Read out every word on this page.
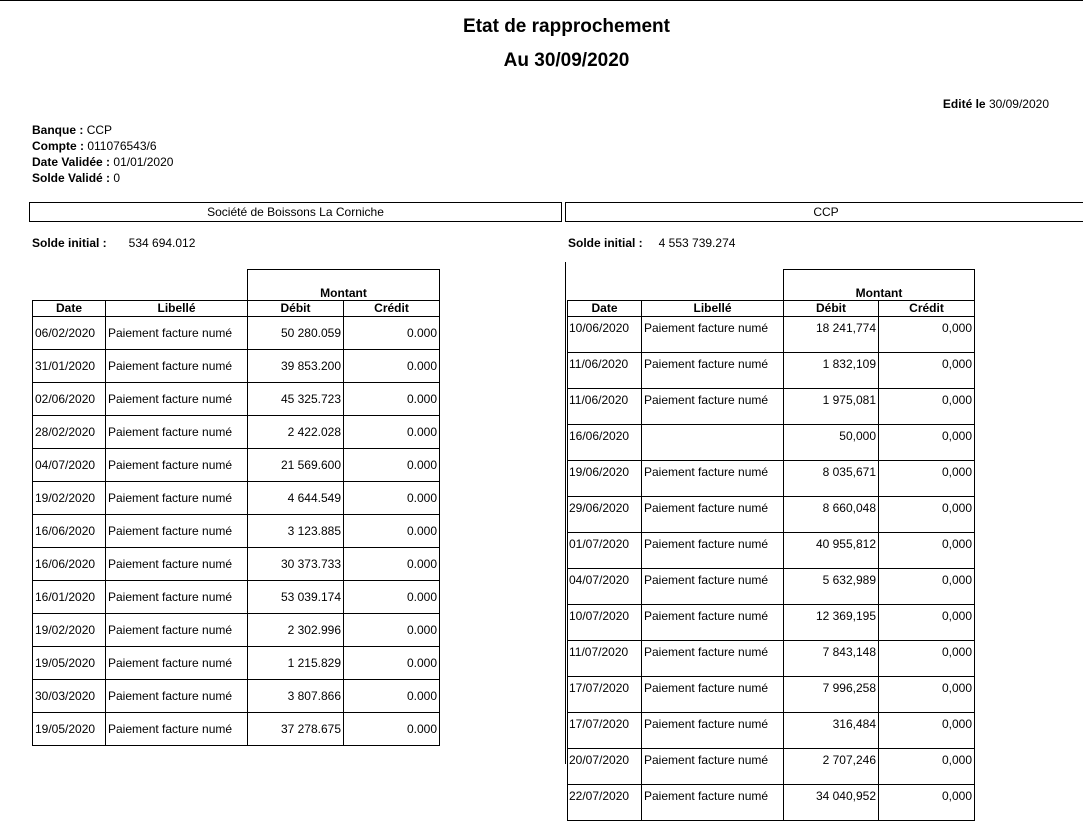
Etat de rapprochement
Au 30/09/2020
Edité le 30/09/2020
Banque : CCP
Compte : 011076543/6
Date Validée : 01/01/2020
Solde Validé : 0
Société de Boissons La Corniche	CCP
Solde initial : 534 694.012	Solde initial : 4 553 739.274
		Montant	
Date	Libellé	Débit	Crédit
06/02/2020	Paiement facture numé	50 280.059	0.000
31/01/2020	Paiement facture numé	39 853.200	0.000
02/06/2020	Paiement facture numé	45 325.723	0.000
28/02/2020	Paiement facture numé	2 422.028	0.000
04/07/2020	Paiement facture numé	21 569.600	0.000
19/02/2020	Paiement facture numé	4 644.549	0.000
16/06/2020	Paiement facture numé	3 123.885	0.000
16/06/2020	Paiement facture numé	30 373.733	0.000
16/01/2020	Paiement facture numé	53 039.174	0.000
19/02/2020	Paiement facture numé	2 302.996	0.000
19/05/2020	Paiement facture numé	1 215.829	0.000
30/03/2020	Paiement facture numé	3 807.866	0.000
19/05/2020	Paiement facture numé	37 278.675	0.000
		Montant	
Date	Libellé	Débit	Crédit
10/06/2020	Paiement facture numé	18 241,774	0,000
11/06/2020	Paiement facture numé	1 832,109	0,000
11/06/2020	Paiement facture numé	1 975,081	0,000
16/06/2020		50,000	0,000
19/06/2020	Paiement facture numé	8 035,671	0,000
29/06/2020	Paiement facture numé	8 660,048	0,000
01/07/2020	Paiement facture numé	40 955,812	0,000
04/07/2020	Paiement facture numé	5 632,989	0,000
10/07/2020	Paiement facture numé	12 369,195	0,000
11/07/2020	Paiement facture numé	7 843,148	0,000
17/07/2020	Paiement facture numé	7 996,258	0,000
17/07/2020	Paiement facture numé	316,484	0,000
20/07/2020	Paiement facture numé	2 707,246	0,000
22/07/2020	Paiement facture numé	34 040,952	0,000
